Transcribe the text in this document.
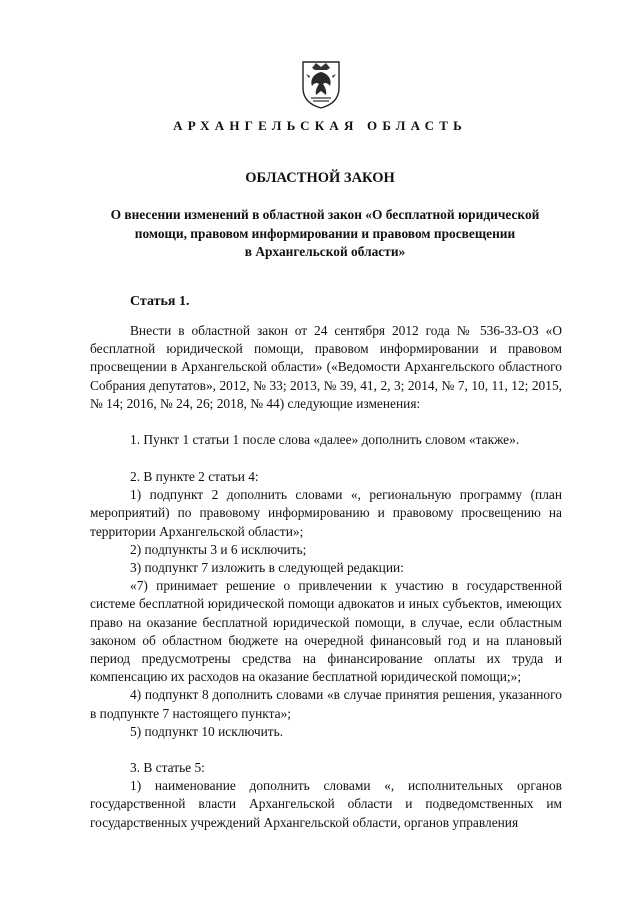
АРХАНГЕЛЬСКАЯ ОБЛАСТЬ
ОБЛАСТНОЙ ЗАКОН
О внесении изменений в областной закон «О бесплатной юридической
помощи, правовом информировании и правовом просвещении
в Архангельской области»
Статья 1.

Внести в областной закон от 24 сентября 2012 года № 536-33-ОЗ «О бесплатной юридической помощи, правовом информировании и правовом просвещении в Архангельской области» («Ведомости Архангельского областного Собрания депутатов», 2012, № 33; 2013, № 39, 41, 2, 3; 2014, № 7, 10, 11, 12; 2015, № 14; 2016, № 24, 26; 2018, № 44) следующие изменения:

1. Пункт 1 статьи 1 после слова «далее» дополнить словом «также».

2. В пункте 2 статьи 4:

1) подпункт 2 дополнить словами «, региональную программу (план мероприятий) по правовому информированию и правовому просвещению на территории Архангельской области»;

2) подпункты 3 и 6 исключить;

3) подпункт 7 изложить в следующей редакции:

«7) принимает решение о привлечении к участию в государственной системе бесплатной юридической помощи адвокатов и иных субъектов, имеющих право на оказание бесплатной юридической помощи, в случае, если областным законом об областном бюджете на очередной финансовый год и на плановый период предусмотрены средства на финансирование оплаты их труда и компенсацию их расходов на оказание бесплатной юридической помощи;»;

4) подпункт 8 дополнить словами «в случае принятия решения, указанного в подпункте 7 настоящего пункта»;

5) подпункт 10 исключить.

3. В статье 5:

1) наименование дополнить словами «, исполнительных органов государственной власти Архангельской области и подведомственных им государственных учреждений Архангельской области, органов управления
